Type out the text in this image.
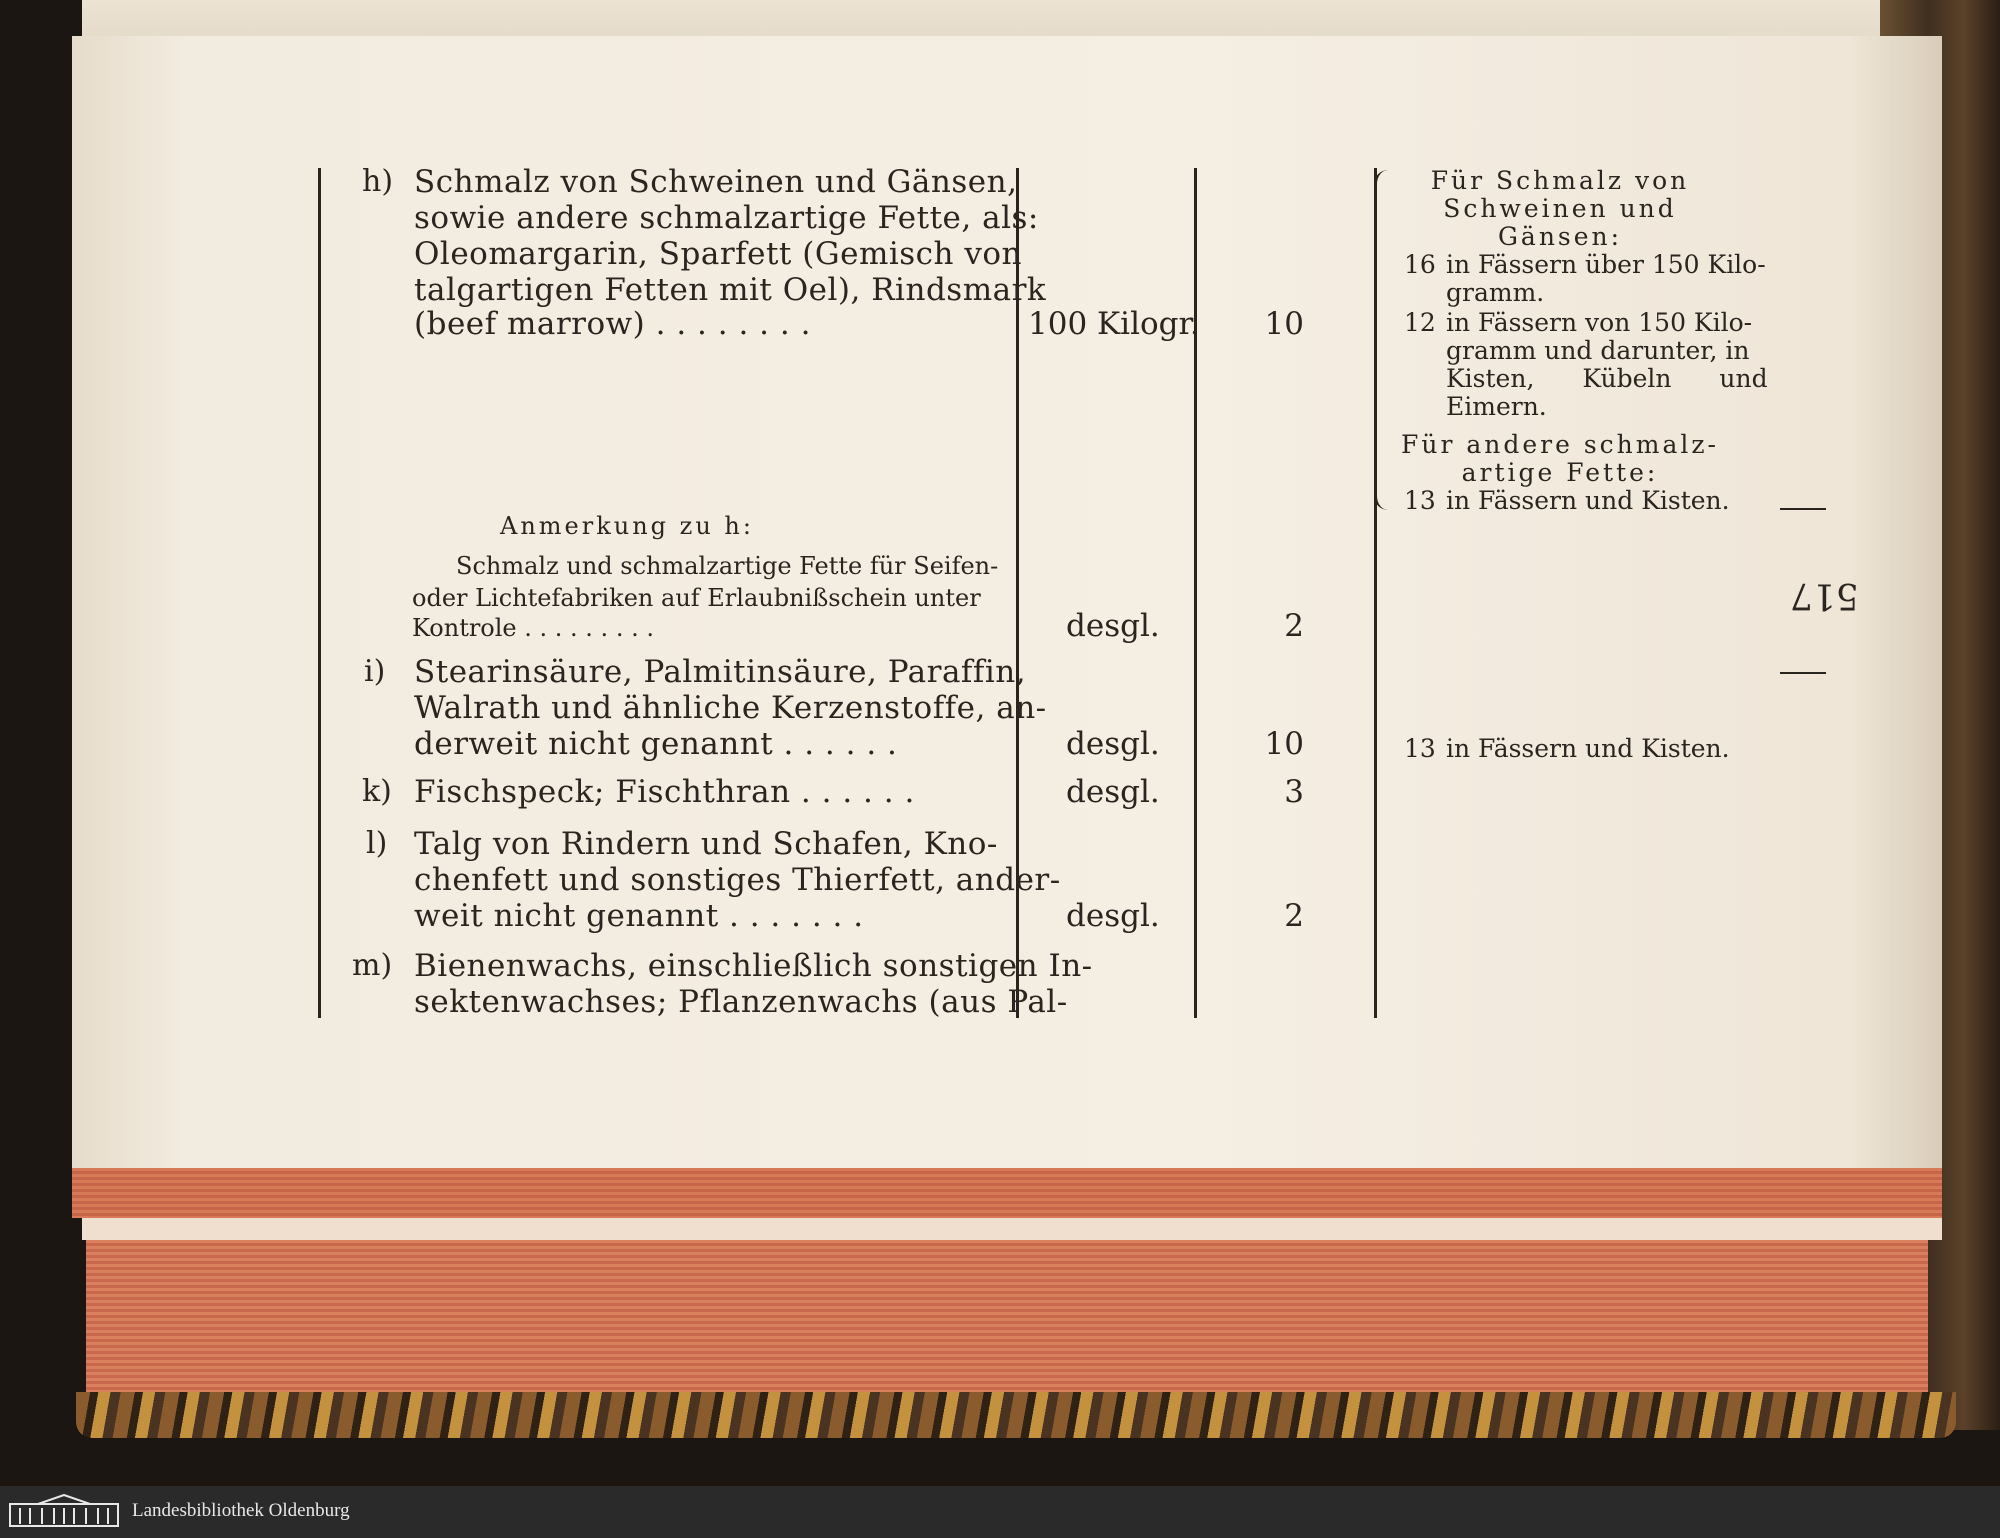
h) Schmalz von Schweinen und Gänsen,
sowie andere schmalzartige Fette, als:
Oleomargarin, Sparfett (Gemisch von
talgartigen Fetten mit Oel), Rindsmark
(beef marrow) . . . . . . . .	100 Kilogr.	10
Anmerkung zu h:
Schmalz und schmalzartige Fette für Seifen-
oder Lichtefabriken auf Erlaubnißschein unter
Kontrole . . . . . . . . .	desgl.	2
i) Stearinsäure, Palmitinsäure, Paraffin,
Walrath und ähnliche Kerzenstoffe, an-
derweit nicht genannt . . . . . .	desgl.	10
k) Fischspeck; Fischthran . . . . . .	desgl.	3
l) Talg von Rindern und Schafen, Kno-
chenfett und sonstiges Thierfett, ander-
weit nicht genannt . . . . . . .	desgl.	2
m) Bienenwachs, einschließlich sonstigen In-
sektenwachses; Pflanzenwachs (aus Pal-
Für Schmalz von
Schweinen und
Gänsen:
16 in Fässern über 150 Kilo-
gramm.
12 in Fässern von 150 Kilo-
gramm und darunter, in
Kisten, Kübeln und
Eimern.
Für andere schmalz-
artige Fette:
13 in Fässern und Kisten.
13 in Fässern und Kisten.
517
Landesbibliothek Oldenburg
